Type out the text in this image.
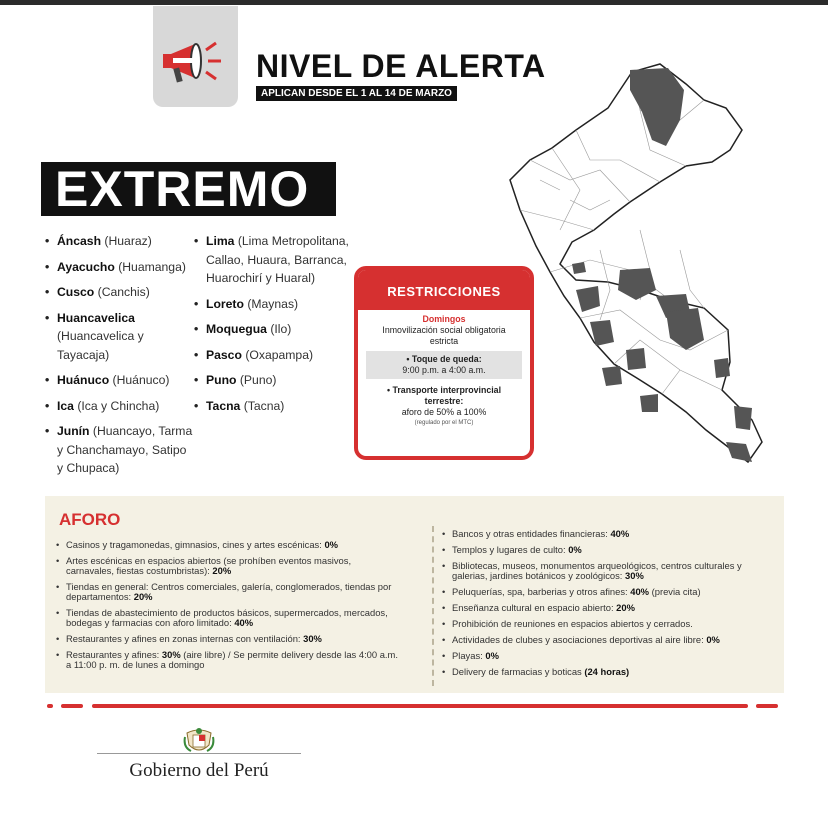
NIVEL DE ALERTA
APLICAN DESDE EL 1 AL 14 DE MARZO
EXTREMO
• Áncash (Huaraz)
• Ayacucho (Huamanga)
• Cusco (Canchis)
• Huancavelica (Huancavelica y Tayacaja)
• Huánuco (Huánuco)
• Ica (Ica y Chincha)
• Junín (Huancayo, Tarma y Chanchamayo, Satipo y Chupaca)
• Lima (Lima Metropolitana, Callao, Huaura, Barranca, Huarochirí y Huaral)
• Loreto (Maynas)
• Moquegua (Ilo)
• Pasco (Oxapampa)
• Puno (Puno)
• Tacna (Tacna)
RESTRICCIONES
Domingos
Inmovilización social obligatoria estricta
• Toque de queda:
9:00 p.m. a 4:00 a.m.
• Transporte interprovincial terrestre:
aforo de 50% a 100%
(regulado por el MTC)
AFORO
• Casinos y tragamonedas, gimnasios, cines y artes escénicas: 0%
• Artes escénicas en espacios abiertos (se prohíben eventos masivos, carnavales, fiestas costumbristas): 20%
• Tiendas en general: Centros comerciales, galería, conglomerados, tiendas por departamentos: 20%
• Tiendas de abastecimiento de productos básicos, supermercados, mercados, bodegas y farmacias con aforo limitado: 40%
• Restaurantes y afines en zonas internas con ventilación: 30%
• Restaurantes y afines: 30% (aire libre) / Se permite delivery desde las 4:00 a.m. a 11:00 p. m. de lunes a domingo
• Bancos y otras entidades financieras: 40%
• Templos y lugares de culto: 0%
• Bibliotecas, museos, monumentos arqueológicos, centros culturales y galerias, jardines botánicos y zoológicos: 30%
• Peluquerías, spa, barberias y otros afines: 40% (previa cita)
• Enseñanza cultural en espacio abierto: 20%
• Prohibición de reuniones en espacios abiertos y cerrados.
• Actividades de clubes y asociaciones deportivas al aire libre: 0%
• Playas: 0%
• Delivery de farmacias y boticas (24 horas)
Gobierno del Perú
